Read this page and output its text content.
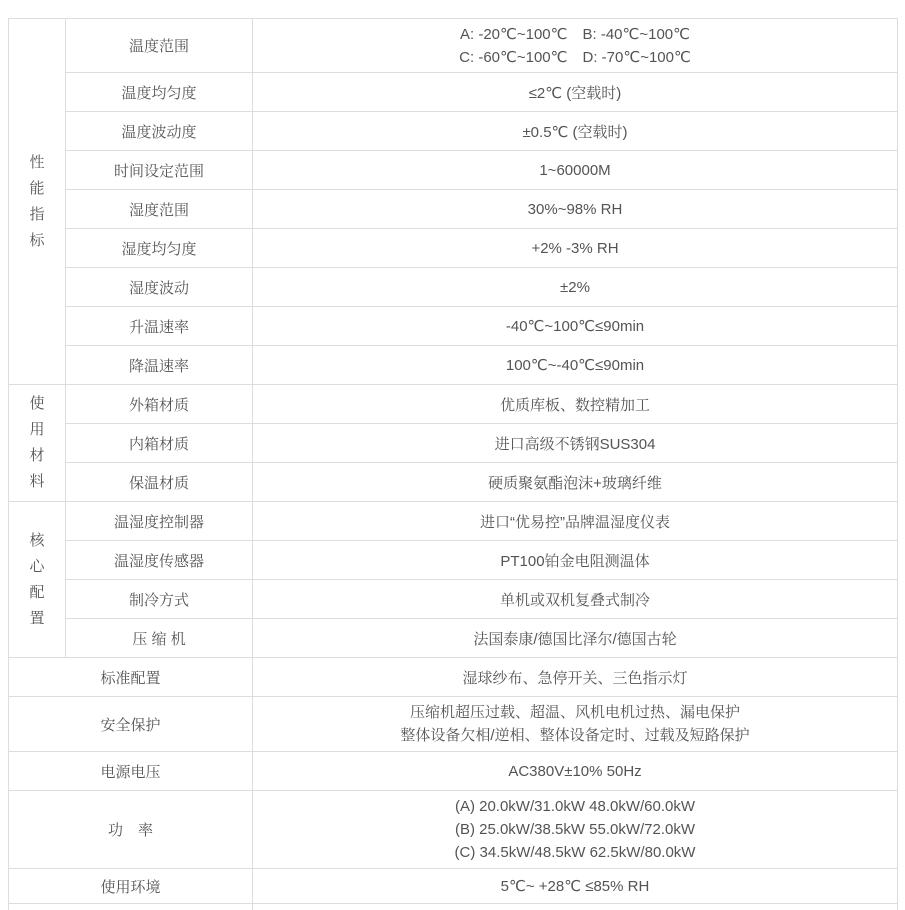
性能指标	温度范围	A: -20℃~100℃　B: -40℃~100℃
C: -60℃~100℃　D: -70℃~100℃

	温度均匀度	≤2℃ (空载时)
	温度波动度	±0.5℃ (空载时)
	时间设定范围	1~60000M
	湿度范围	30%~98% RH
	湿度均匀度	+2% -3% RH
	湿度波动	±2%
	升温速率	-40℃~100℃≤90min
	降温速率	100℃~-40℃≤90min
使用材料	外箱材质	优质库板、数控精加工
	内箱材质	进口高级不锈钢SUS304
	保温材质	硬质聚氨酯泡沫+玻璃纤维
核心配置	温湿度控制器	进口“优易控”品牌温湿度仪表
	温湿度传感器	PT100铂金电阻测温体
	制冷方式	单机或双机复叠式制冷
	压 缩 机	法国泰康/德国比泽尔/德国古轮
标准配置		湿球纱布、急停开关、三色指示灯
安全保护		压缩机超压过载、超温、风机电机过热、漏电保护
整体设备欠相/逆相、整体设备定时、过载及短路保护

电源电压		AC380V±10% 50Hz
功　率		(A) 20.0kW/31.0kW 48.0kW/60.0kW
(B) 25.0kW/38.5kW 55.0kW/72.0kW
(C) 34.5kW/48.5kW 62.5kW/80.0kW

使用环境		5℃~ +28℃ ≤85% RH
